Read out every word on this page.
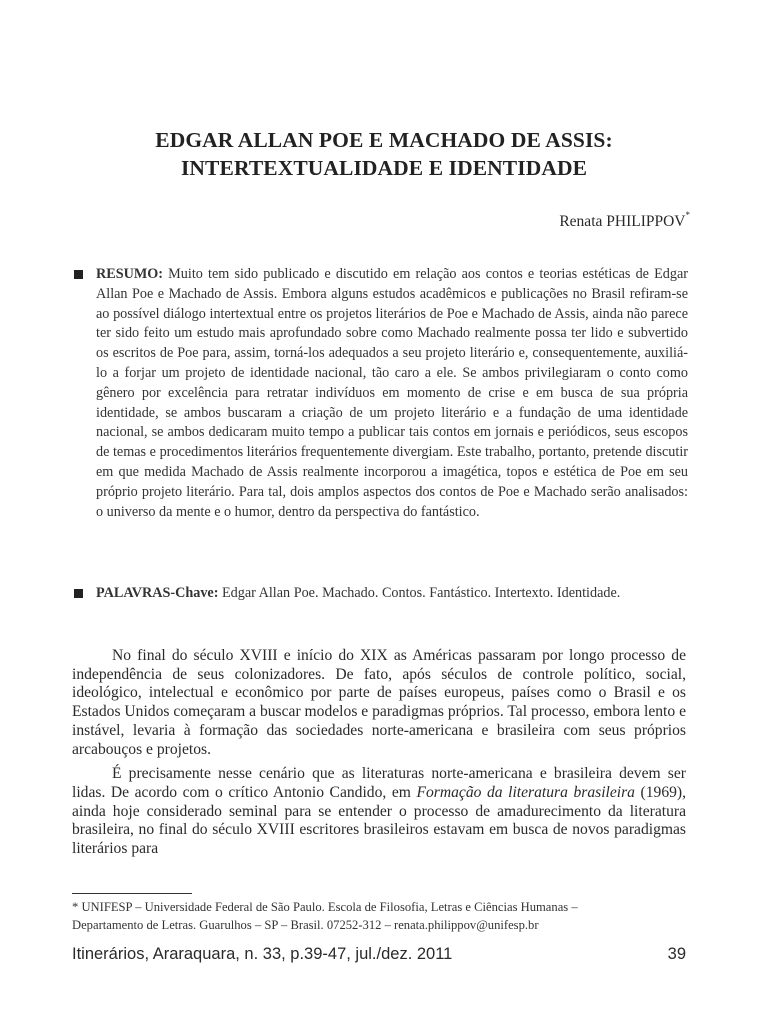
EDGAR ALLAN POE E MACHADO DE ASSIS:
INTERTEXTUALIDADE E IDENTIDADE
Renata PHILIPPOV*
RESUMO: Muito tem sido publicado e discutido em relação aos contos e teorias estéticas de Edgar Allan Poe e Machado de Assis. Embora alguns estudos acadêmicos e publicações no Brasil refiram-se ao possível diálogo intertextual entre os projetos literários de Poe e Machado de Assis, ainda não parece ter sido feito um estudo mais aprofundado sobre como Machado realmente possa ter lido e subvertido os escritos de Poe para, assim, torná-los adequados a seu projeto literário e, consequentemente, auxiliá-lo a forjar um projeto de identidade nacional, tão caro a ele. Se ambos privilegiaram o conto como gênero por excelência para retratar indivíduos em momento de crise e em busca de sua própria identidade, se ambos buscaram a criação de um projeto literário e a fundação de uma identidade nacional, se ambos dedicaram muito tempo a publicar tais contos em jornais e periódicos, seus escopos de temas e procedimentos literários frequentemente divergiam. Este trabalho, portanto, pretende discutir em que medida Machado de Assis realmente incorporou a imagética, topos e estética de Poe em seu próprio projeto literário. Para tal, dois amplos aspectos dos contos de Poe e Machado serão analisados: o universo da mente e o humor, dentro da perspectiva do fantástico.
PALAVRAS-Chave: Edgar Allan Poe. Machado. Contos. Fantástico. Intertexto. Identidade.

No final do século XVIII e início do XIX as Américas passaram por longo processo de independência de seus colonizadores. De fato, após séculos de controle político, social, ideológico, intelectual e econômico por parte de países europeus, países como o Brasil e os Estados Unidos começaram a buscar modelos e paradigmas próprios. Tal processo, embora lento e instável, levaria à formação das sociedades norte-americana e brasileira com seus próprios arcabouços e projetos.

É precisamente nesse cenário que as literaturas norte-americana e brasileira devem ser lidas. De acordo com o crítico Antonio Candido, em Formação da literatura brasileira (1969), ainda hoje considerado seminal para se entender o processo de amadurecimento da literatura brasileira, no final do século XVIII escritores brasileiros estavam em busca de novos paradigmas literários para

* UNIFESP – Universidade Federal de São Paulo. Escola de Filosofia, Letras e Ciências Humanas –
Departamento de Letras. Guarulhos – SP – Brasil. 07252-312 – renata.philippov@unifesp.br
Itinerários, Araraquara, n. 33, p.39-47, jul./dez. 2011	39
